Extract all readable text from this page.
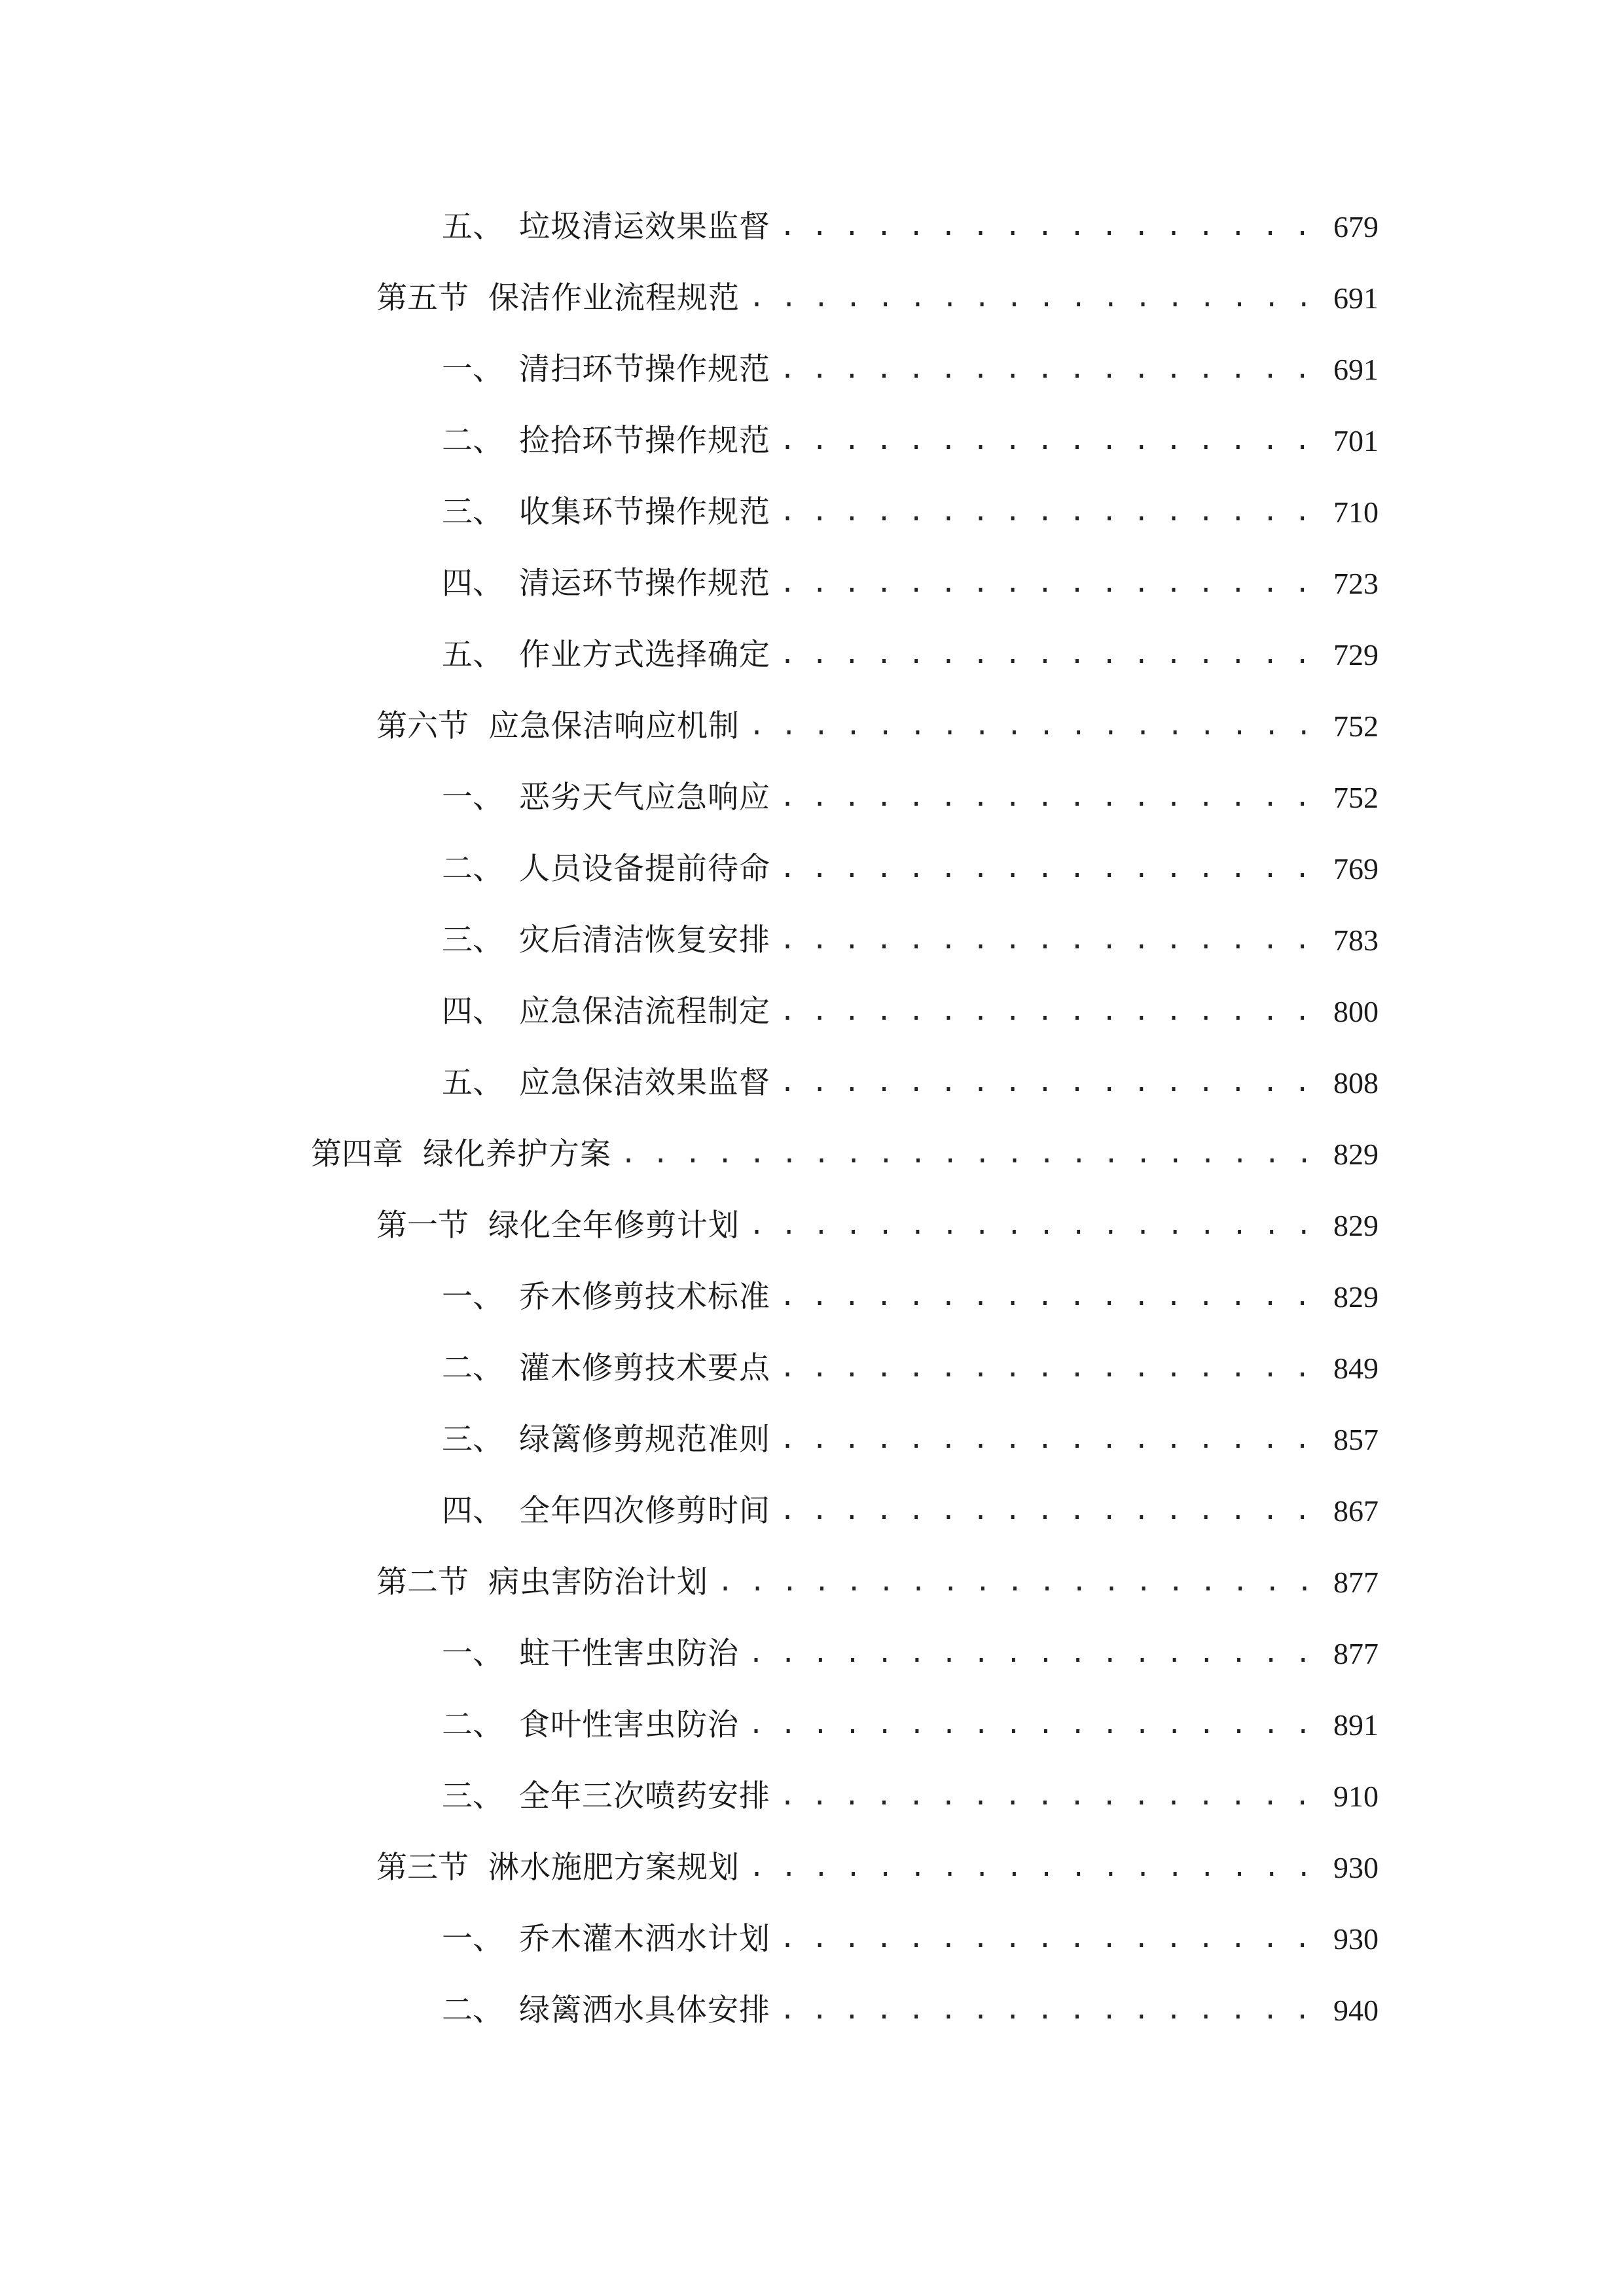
五、 垃圾清运效果监督 . . .	679
第五节 保洁作业流程规范 . . .	691
一、 清扫环节操作规范 . . .	691
二、 捡拾环节操作规范 . . .	701
三、 收集环节操作规范 . . .	710
四、 清运环节操作规范 . . .	723
五、 作业方式选择确定 . . .	729
第六节 应急保洁响应机制 . . .	752
一、 恶劣天气应急响应 . . .	752
二、 人员设备提前待命 . . .	769
三、 灾后清洁恢复安排 . . .	783
四、 应急保洁流程制定 . . .	800
五、 应急保洁效果监督 . . .	808
第四章 绿化养护方案 . . .	829
第一节 绿化全年修剪计划 . . .	829
一、 乔木修剪技术标准 . . .	829
二、 灌木修剪技术要点 . . .	849
三、 绿篱修剪规范准则 . . .	857
四、 全年四次修剪时间 . . .	867
第二节 病虫害防治计划 . . .	877
一、 蛀干性害虫防治 . . .	877
二、 食叶性害虫防治 . . .	891
三、 全年三次喷药安排 . . .	910
第三节 淋水施肥方案规划 . . .	930
一、 乔木灌木洒水计划 . . .	930
二、 绿篱洒水具体安排 . . .	940
